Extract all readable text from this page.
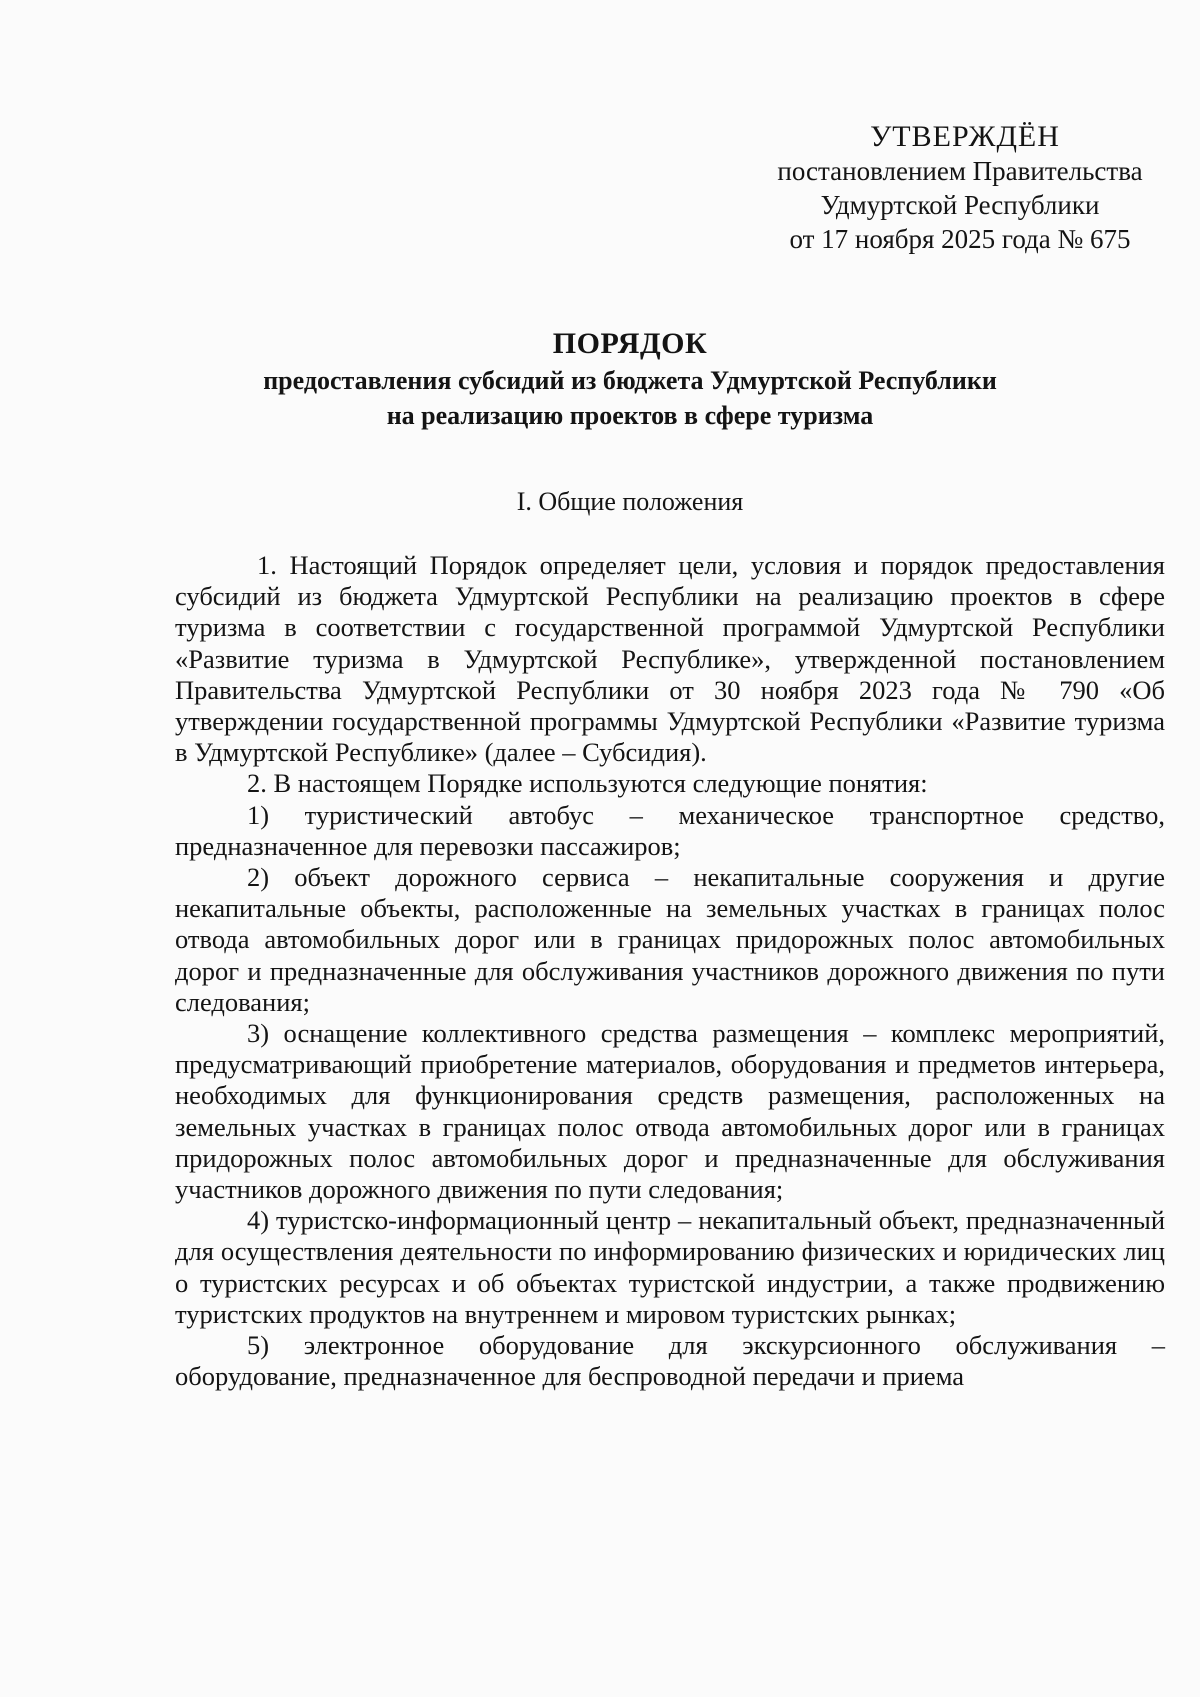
УТВЕРЖДЁН
постановлением Правительства
Удмуртской Республики
от 17 ноября 2025 года № 675
ПОРЯДОК
предоставления субсидий из бюджета Удмуртской Республики
на реализацию проектов в сфере туризма
I. Общие положения

1. Настоящий Порядок определяет цели, условия и порядок предоставления субсидий из бюджета Удмуртской Республики на реализацию проектов в сфере туризма в соответствии с государственной программой Удмуртской Республики «Развитие туризма в Удмуртской Республике», утвержденной постановлением Правительства Удмуртской Республики от 30 ноября 2023 года № 790 «Об утверждении государственной программы Удмуртской Республики «Развитие туризма в Удмуртской Республике» (далее – Субсидия).

2. В настоящем Порядке используются следующие понятия:

1) туристический автобус – механическое транспортное средство, предназначенное для перевозки пассажиров;

2) объект дорожного сервиса – некапитальные сооружения и другие некапитальные объекты, расположенные на земельных участках в границах полос отвода автомобильных дорог или в границах придорожных полос автомобильных дорог и предназначенные для обслуживания участников дорожного движения по пути следования;

3) оснащение коллективного средства размещения – комплекс мероприятий, предусматривающий приобретение материалов, оборудования и предметов интерьера, необходимых для функционирования средств размещения, расположенных на земельных участках в границах полос отвода автомобильных дорог или в границах придорожных полос автомобильных дорог и предназначенные для обслуживания участников дорожного движения по пути следования;

4) туристско-информационный центр – некапитальный объект, предназначенный для осуществления деятельности по информированию физических и юридических лиц о туристских ресурсах и об объектах туристской индустрии, а также продвижению туристских продуктов на внутреннем и мировом туристских рынках;

5) электронное оборудование для экскурсионного обслуживания – оборудование, предназначенное для беспроводной передачи и приема
